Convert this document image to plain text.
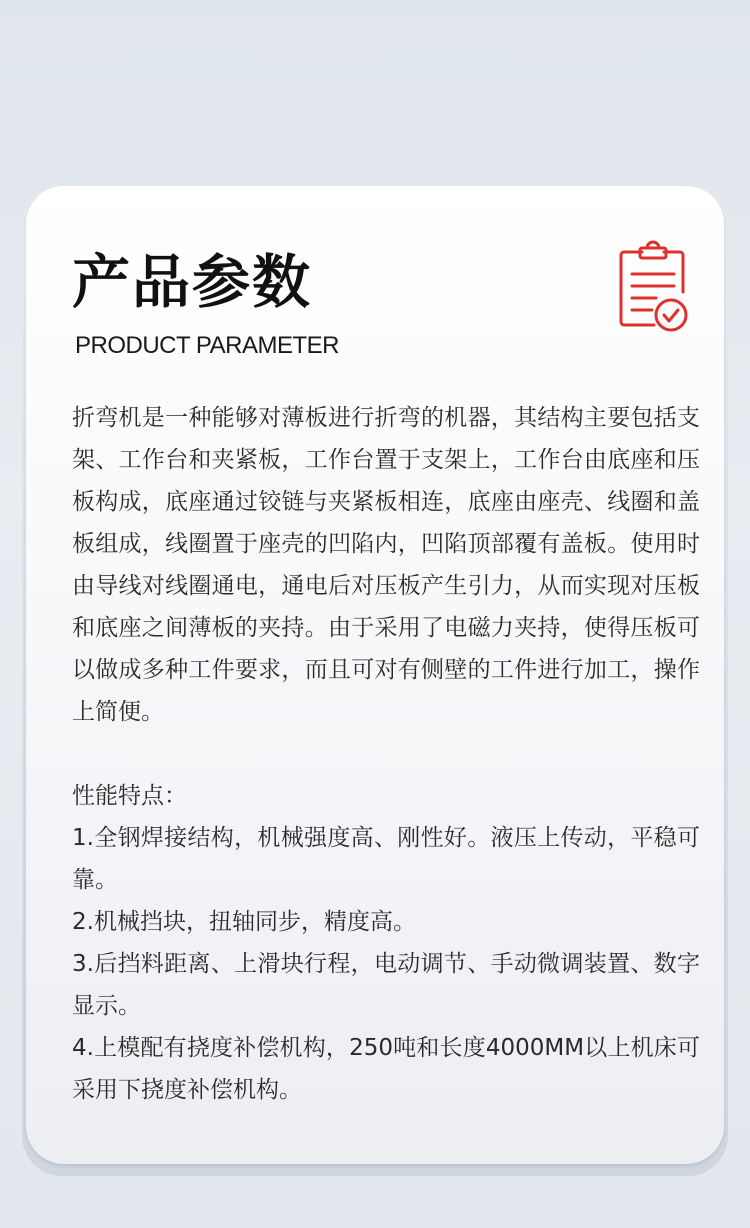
产品参数
PRODUCT PARAMETER

折弯机是一种能够对薄板进行折弯的机器，其结构主要包括支架、工作台和夹紧板，工作台置于支架上，工作台由底座和压板构成，底座通过铰链与夹紧板相连，底座由座壳、线圈和盖板组成，线圈置于座壳的凹陷内，凹陷顶部覆有盖板。使用时由导线对线圈通电，通电后对压板产生引力，从而实现对压板和底座之间薄板的夹持。由于采用了电磁力夹持，使得压板可以做成多种工件要求，而且可对有侧壁的工件进行加工，操作上简便。

性能特点：

1.全钢焊接结构，机械强度高、刚性好。液压上传动，平稳可靠。

2.机械挡块，扭轴同步，精度高。

3.后挡料距离、上滑块行程，电动调节、手动微调装置、数字显示。

4.上模配有挠度补偿机构，250吨和长度4000MM以上机床可采用下挠度补偿机构。
